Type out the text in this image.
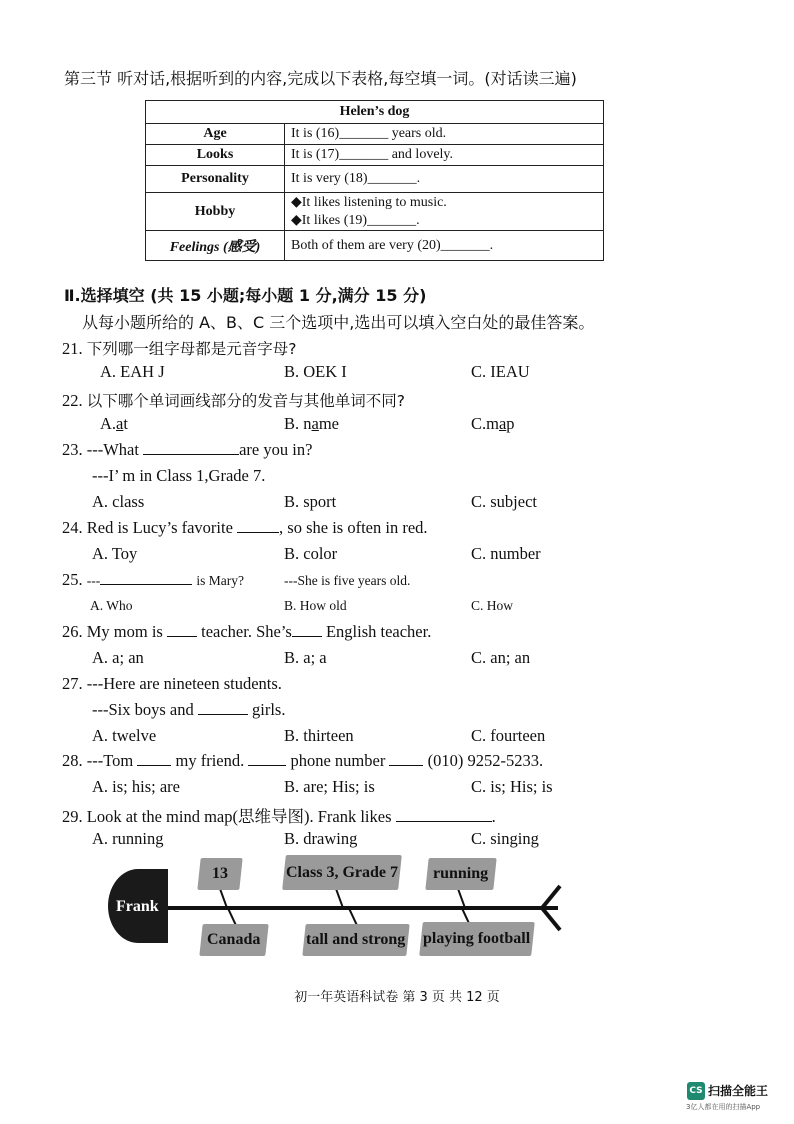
第三节 听对话,根据听到的内容,完成以下表格,每空填一词。(对话读三遍)
Helen’s dog	
Age	It is (16)_______ years old.
Looks	It is (17)_______ and lovely.
Personality	It is very (18)_______.
Hobby	◆It likes listening to music.
◆It likes (19)_______.

Feelings (感受)	Both of them are very (20)_______.
Ⅱ.选择填空 (共 15 小题;每小题 1 分,满分 15 分)
从每小题所给的 A、B、C 三个选项中,选出可以填入空白处的最佳答案。
21. 下列哪一组字母都是元音字母?
A. EAH J	B. OEK I	C. IEAU
22. 以下哪个单词画线部分的发音与其他单词不同?
A.at	B. name	C.map
23. ---What	are you in?
---I’ m in Class 1,Grade 7.
A. class	B. sport	C. subject
24. Red is Lucy’s favorite	, so she is often in red.
A. Toy	B. color	C. number
25. ---	is Mary?	---She is five years old.
A. Who	B. How old	C. How
26. My mom is teacher. She’s English teacher.
A. a; an	B. a; a	C. an; an
27. ---Here are nineteen students.
---Six boys and	girls.
A. twelve	B. thirteen	C. fourteen
28. ---Tom	my friend.	phone number	(010) 9252-5233.
A. is; his; are	B. are; His; is	C. is; His; is
29. Look at the mind map(思维导图). Frank likes	.
A. running	B. drawing	C. singing
Frank
13	Class 3, Grade 7	running
Canada	tall and strong playing football
初一年英语科试卷 第 3 页 共 12 页
CS 扫描全能王
3亿人都在用的扫描App
